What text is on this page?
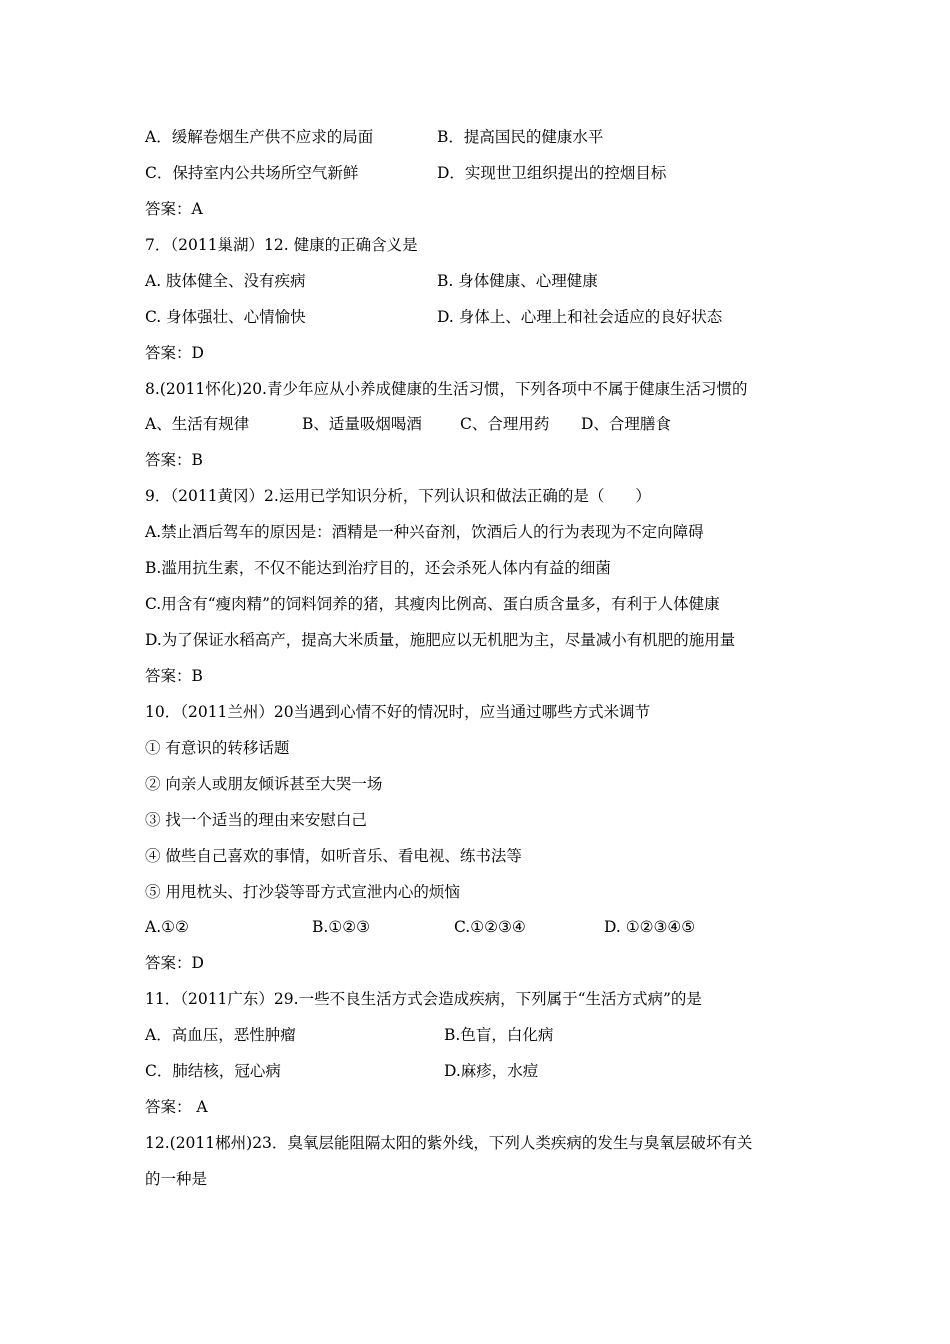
A．缓解卷烟生产供不应求的局面	B．提高国民的健康水平
C．保持室内公共场所空气新鲜	D．实现世卫组织提出的控烟目标
答案：A
7．（2011巢湖）12. 健康的正确含义是
A. 肢体健全、没有疾病	B. 身体健康、心理健康
C. 身体强壮、心情愉快	D. 身体上、心理上和社会适应的良好状态
答案：D
8.(2011怀化)20.青少年应从小养成健康的生活习惯，下列各项中不属于健康生活习惯的
A、生活有规律	B、适量吸烟喝酒 C、合理用药 D、合理膳食
答案：B
9．（2011黄冈）2.运用已学知识分析，下列认识和做法正确的是（　　）
A.禁止酒后驾车的原因是：酒精是一种兴奋剂，饮酒后人的行为表现为不定向障碍
B.滥用抗生素，不仅不能达到治疗目的，还会杀死人体内有益的细菌
C.用含有“瘦肉精”的饲料饲养的猪，其瘦肉比例高、蛋白质含量多，有利于人体健康
D.为了保证水稻高产，提高大米质量，施肥应以无机肥为主，尽量减小有机肥的施用量
答案：B
10．（2011兰州）20当遇到心情不好的情况时，应当通过哪些方式米调节
① 有意识的转移话题
② 向亲人或朋友倾诉甚至大哭一场
③ 找一个适当的理由来安慰白己
④ 做些自己喜欢的事情，如听音乐、看电视、练书法等
⑤ 用甩枕头、打沙袋等哥方式宣泄内心的烦恼
A.①②	B.①②③	C.①②③④	D. ①②③④⑤
答案：D
11．（2011广东）29.一些不良生活方式会造成疾病，下列属于“生活方式病”的是
A．高血压，恶性肿瘤	B.色盲，白化病
C．肺结核，冠心病	D.麻疹，水痘
答案： A
12.(2011郴州)23．臭氧层能阻隔太阳的紫外线，下列人类疾病的发生与臭氧层破坏有关
的一种是
